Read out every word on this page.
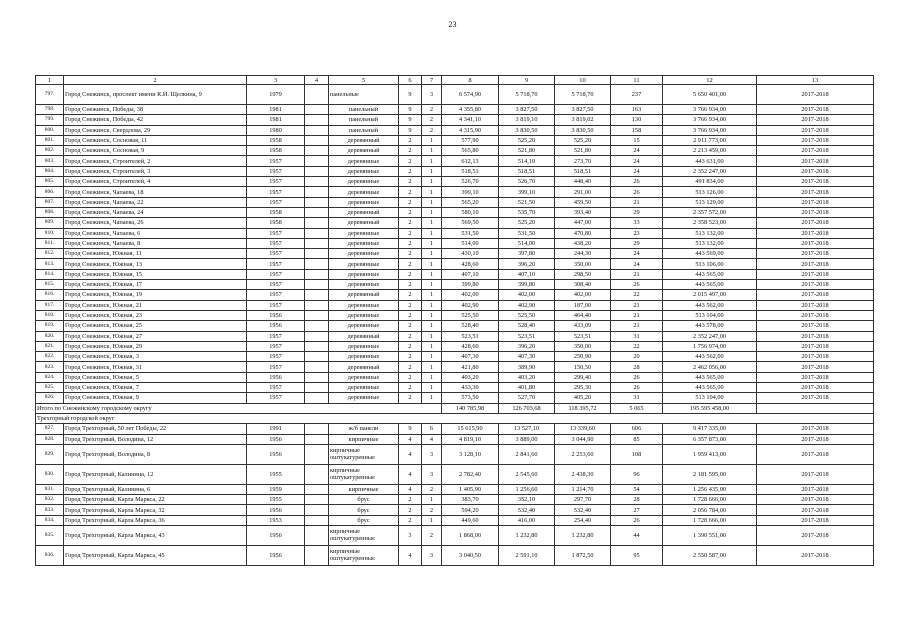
23
1	2	3	4	5	6	7	8	9	10	11	12	13
797.	Город Снежинск, проспект имени К.И. Щелкина, 9	1979		панельные	9	3	6 574,90	5 718,70	5 718,70	237	5 650 401,00	2017-2018
798.	Город Снежинск, Победы, 38	1981		панельный	9	2	4 355,80	3 827,50	3 827,50	163	3 766 934,00	2017-2018
799.	Город Снежинск, Победы, 42	1981		панельный	9	2	4 341,10	3 819,10	3 819,02	130	3 766 934,00	2017-2018
800.	Город Снежинск, Свердлова, 29	1980		панельный	9	2	4 315,90	3 830,50	3 830,50	158	3 766 934,00	2017-2018
801.	Город Снежинск, Сосновая, 11	1958		деревянный	2	1	577,90	525,20	525,20	15	2 911 773,00	2017-2018
802.	Город Снежинск, Сосновая, 9	1958		деревянный	2	1	565,80	521,80	521,80	24	2 213 459,00	2017-2018
803.	Город Снежинск, Строителей, 2	1957		деревянные	2	1	612,13	514,10	273,70	24	443 631,00	2017-2018
804.	Город Снежинск, Строителей, 3	1957		деревянные	2	1	518,51	518,51	518,51	24	2 352 247,00	2017-2018
805.	Город Снежинск, Строителей, 4	1957		деревянные	2	1	526,70	526,70	448,40	26	491 834,00	2017-2018
806.	Город Снежинск, Чапаева, 18	1957		деревянные	2	1	399,10	399,10	291,00	26	513 126,00	2017-2018
807.	Город Снежинск, Чапаева, 22	1957		деревянные	2	1	565,20	521,50	459,50	21	513 129,00	2017-2018
808.	Город Снежинск, Чапаева, 24	1958		деревянный	2	1	580,10	535,70	393,40	29	2 357 572,00	2017-2018
809.	Город Снежинск, Чапаева, 26	1958		деревянный	2	1	569,50	525,20	447,00	33	2 358 523,00	2017-2018
810.	Город Снежинск, Чапаева, 6	1957		деревянные	2	1	531,50	531,50	470,80	23	513 132,00	2017-2018
811.	Город Снежинск, Чапаева, 8	1957		деревянные	2	1	514,00	514,00	438,20	29	513 132,00	2017-2018
812.	Город Снежинск, Южная, 11	1957		деревянные	2	1	430,10	397,80	244,30	24	443 569,00	2017-2018
813.	Город Снежинск, Южная, 13	1957		деревянные	2	1	428,60	396,20	350,00	24	513 106,00	2017-2018
814.	Город Снежинск, Южная, 15	1957		деревянные	2	1	407,10	407,10	298,50	21	443 565,00	2017-2018
815.	Город Снежинск, Южная, 17	1957		деревянные	2	1	399,80	399,80	308,40	26	443 565,00	2017-2018
816.	Город Снежинск, Южная, 19	1957		деревянный	2	1	402,00	402,00	402,00	22	2 015 497,00	2017-2018
817.	Город Снежинск, Южная, 21	1957		деревянные	2	1	402,90	402,90	187,00	21	443 562,00	2017-2018
818.	Город Снежинск, Южная, 23	1956		деревянные	2	1	525,50	525,50	464,40	21	513 104,00	2017-2018
819.	Город Снежинск, Южная, 25	1956		деревянные	2	1	528,40	528,40	433,09	21	443 578,00	2017-2018
820.	Город Снежинск, Южная, 27	1957		деревянный	2	1	523,51	523,51	523,51	31	2 352 247,00	2017-2018
821.	Город Снежинск, Южная, 29	1957		деревянные	2	1	428,60	396,20	350,00	22	1 756 974,00	2017-2018
822.	Город Снежинск, Южная, 3	1957		деревянные	2	1	407,30	407,30	250,90	20	443 562,00	2017-2018
823.	Город Снежинск, Южная, 31	1957		деревянный	2	1	421,80	389,90	150,50	28	2 462 056,00	2017-2018
824.	Город Снежинск, Южная, 5	1956		деревянные	2	1	403,20	403,20	299,40	26	443 565,00	2017-2018
825.	Город Снежинск, Южная, 7	1957		деревянные	2	1	433,30	401,80	295,30	26	443 565,00	2017-2018
826.	Город Снежинск, Южная, 9	1957		деревянные	2	1	573,50	527,70	405,20	31	513 104,00	2017-2018
Итого по Снежинскому городскому округу							140 785,98	126 703,68	118 395,72	5 065	195 595 458,00	
Трехгорный городской округ												
827.	Город Трехгорный, 50 лет Победы, 22	1991		ж/б панели	9	6	15 615,90	13 527,10	13 339,60	606	9 417 335,00	2017-2018
828.	Город Трехгорный, Володина, 12	1956		кирпичные	4	4	4 819,10	3 889,00	3 044,90	85	6 357 873,00	2017-2018
829.	Город Трехгорный, Володина, 8	1956		кирпичные оштукатуренные	4	3	3 128,10	2 841,60	2 253,60	108	1 959 413,00	2017-2018
830.	Город Трехгорный, Калинина, 12	1955		кирпичные оштукатуренные	4	3	2 782,40	2 545,60	2 438,30	96	2 181 595,00	2017-2018
831.	Город Трехгорный, Калинина, 6	1959		кирпичные	4	2	1 405,90	1 256,60	1 214,70	54	1 256 435,00	2017-2018
832.	Город Трехгорный, Карла Маркса, 22	1955		брус	2	1	383,70	352,10	297,70	28	1 728 666,00	2017-2018
833.	Город Трехгорный, Карла Маркса, 32	1956		брус	2	2	594,20	532,40	532,40	27	2 056 784,00	2017-2018
834.	Город Трехгорный, Карла Маркса, 36	1953		брус	2	1	449,60	416,00	254,40	26	1 728 666,00	2017-2018
835.	Город Трехгорный, Карла Маркса, 43	1956		кирпичные оштукатуренные	3	2	1 868,00	1 232,80	1 232,80	44	1 390 551,00	2017-2018
836.	Город Трехгорный, Карла Маркса, 45	1956		кирпичные оштукатуренные	4	3	3 040,50	2 591,10	1 872,50	95	2 550 587,00	2017-2018
